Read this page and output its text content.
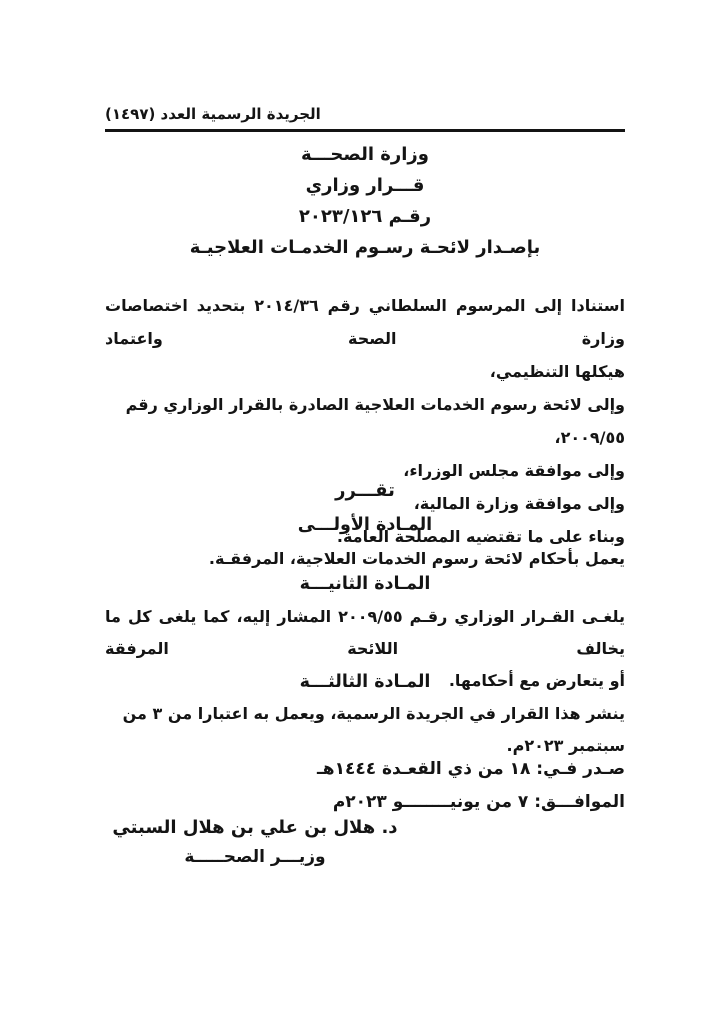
الجريدة الرسمية العدد (١٤٩٧)
وزارة الصحـــة
قـــرار وزاري
رقـم ٢٠٢٣/١٢٦
بإصـدار لائحـة رسـوم الخدمـات العلاجيـة

استنادا إلى المرسوم السلطاني رقم ٢٠١٤/٣٦ بتحديد اختصاصات وزارة الصحة واعتماد

هيكلها التنظيمي،

وإلى لائحة رسوم الخدمات العلاجية الصادرة بالقرار الوزاري رقم ٢٠٠٩/٥٥،

وإلى موافقة مجلس الوزراء،

وإلى موافقة وزارة المالية،

وبناء على ما تقتضيه المصلحة العامة.

تقـــرر
المـادة الأولـــى

يعمل بأحكام لائحة رسوم الخدمات العلاجية، المرفقـة.

المـادة الثانيـــة

يلغـى القـرار الوزاري رقـم ٢٠٠٩/٥٥ المشار إليه، كما يلغى كل ما يخالف اللائحة المرفقة

أو يتعارض مع أحكامها.

المـادة الثالثـــة

ينشر هذا القرار في الجريدة الرسمية، ويعمل به اعتبارا من ٣ من سبتمبر ٢٠٢٣م.

صـدر فـي: ١٨ من ذي القعـدة ١٤٤٤هـ

الموافـــق: ٧ من يونيــــــــو ٢٠٢٣م

د. هلال بن علي بن هلال السبتي
وزيـــر الصحـــــة
